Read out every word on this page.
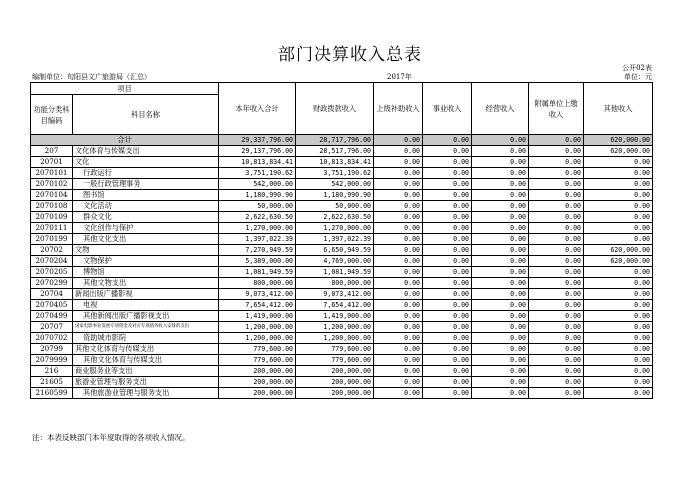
部门决算收入总表
公开02表
编制单位：旬阳县文广旅游局（汇总）	2017年	单位：元
项目		本年收入合计	财政拨款收入	上级补助收入	事业收入	经营收入	附属单位上缴收入	其他收入
功能分类科目编码	科目名称							

合计		29,337,796.00	28,717,796.00	0.00	0.00	0.00	0.00	620,000.00
207	文化体育与传媒支出	29,137,796.00	28,517,796.00	0.00	0.00	0.00	0.00	620,000.00
20701	文化	10,813,834.41	10,813,834.41	0.00	0.00	0.00	0.00	0.00
2070101	行政运行	3,751,190.62	3,751,190.62	0.00	0.00	0.00	0.00	0.00
2070102	一般行政管理事务	542,000.00	542,000.00	0.00	0.00	0.00	0.00	0.00
2070104	图书馆	1,180,990.90	1,180,990.90	0.00	0.00	0.00	0.00	0.00
2070108	文化活动	50,000.00	50,000.00	0.00	0.00	0.00	0.00	0.00
2070109	群众文化	2,622,630.50	2,622,630.50	0.00	0.00	0.00	0.00	0.00
2070111	文化创作与保护	1,270,000.00	1,270,000.00	0.00	0.00	0.00	0.00	0.00
2070199	其他文化支出	1,397,022.39	1,397,022.39	0.00	0.00	0.00	0.00	0.00
20702	文物	7,270,949.59	6,650,949.59	0.00	0.00	0.00	0.00	620,000.00
2070204	文物保护	5,389,000.00	4,769,000.00	0.00	0.00	0.00	0.00	620,000.00
2070205	博物馆	1,081,949.59	1,081,949.59	0.00	0.00	0.00	0.00	0.00
2070299	其他文物支出	800,000.00	800,000.00	0.00	0.00	0.00	0.00	0.00
20704	新闻出版广播影视	9,073,412.00	9,073,412.00	0.00	0.00	0.00	0.00	0.00
2070405	电视	7,654,412.00	7,654,412.00	0.00	0.00	0.00	0.00	0.00
2070499	其他新闻出版广播影视支出	1,419,000.00	1,419,000.00	0.00	0.00	0.00	0.00	0.00
20707	国家电影事业发展专项资金及对应专项债务收入安排的支出	1,200,000.00	1,200,000.00	0.00	0.00	0.00	0.00	0.00
2070702	资助城市影院	1,200,000.00	1,200,000.00	0.00	0.00	0.00	0.00	0.00
20799	其他文化体育与传媒支出	779,600.00	779,600.00	0.00	0.00	0.00	0.00	0.00
2079999	其他文化体育与传媒支出	779,600.00	779,600.00	0.00	0.00	0.00	0.00	0.00
216	商业服务业等支出	200,000.00	200,000.00	0.00	0.00	0.00	0.00	0.00
21605	旅游业管理与服务支出	200,000.00	200,000.00	0.00	0.00	0.00	0.00	0.00
2160599	其他旅游业管理与服务支出	200,000.00	200,000.00	0.00	0.00	0.00	0.00	0.00
注：本表反映部门本年度取得的各项收入情况。
